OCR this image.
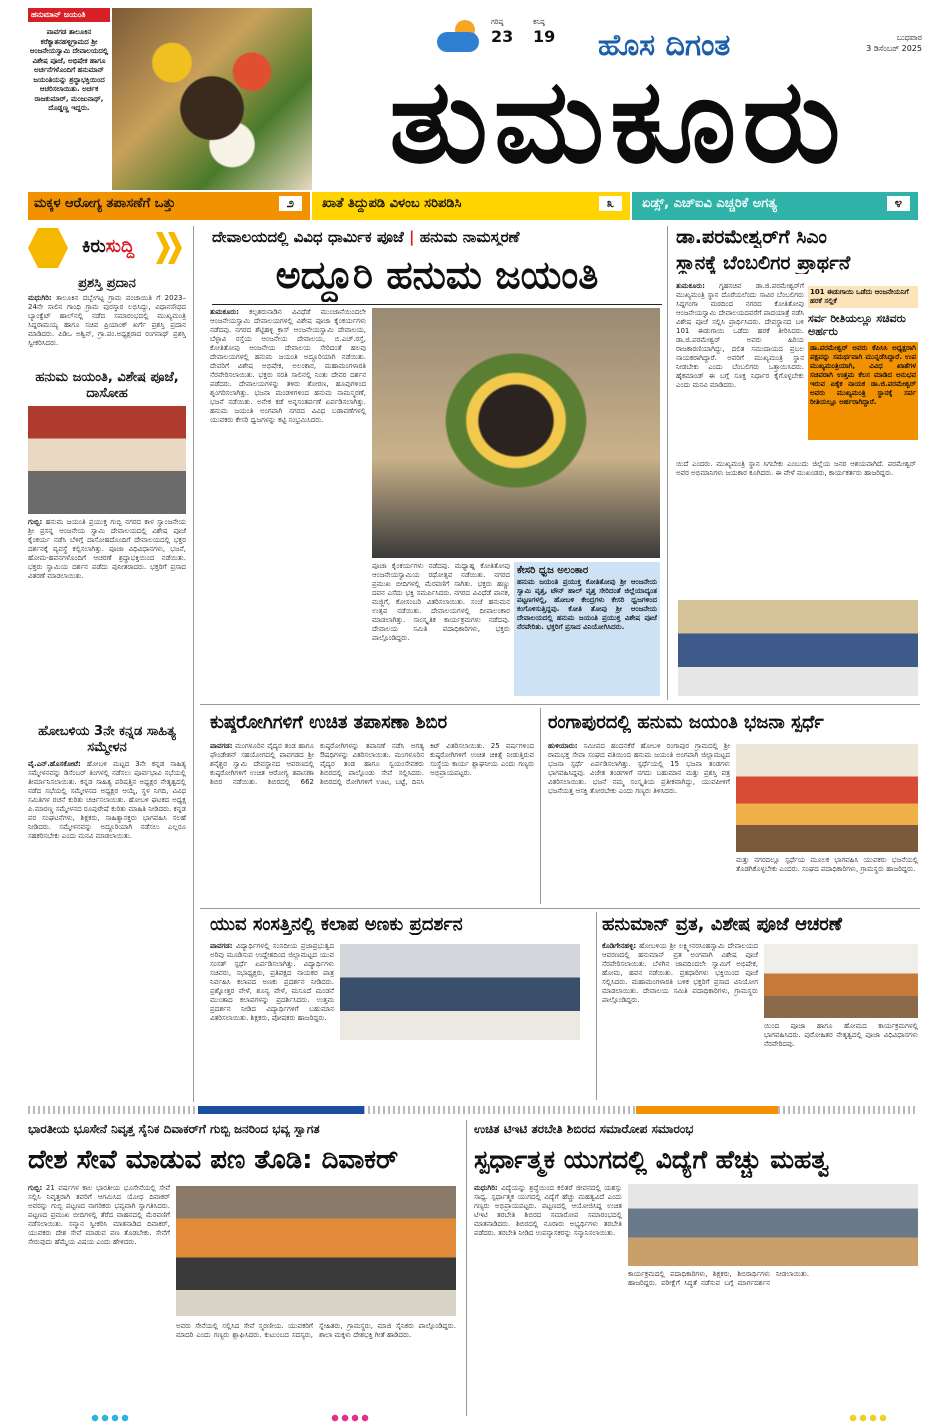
ಹನುಮಾನ್ ಜಯಂತಿ
ಪಾವಗಡ ತಾಲೂಕಿನ ಕರೆಕ್ಯಾತನಹಳ್ಳಿಗ್ರಾಮದ ಶ್ರೀ ಆಂಜನೇಯಸ್ವಾಮಿ ದೇವಾಲಯದಲ್ಲಿ ವಿಶೇಷ ಪೂಜೆ, ಅಭಿಷೇಕ ಹಾಗೂ ಅರ್ಚನೆಗಳೊಂದಿಗೆ ಹನುಮಾನ್ ಜಯಂತಿಯನ್ನು ಶ್ರದ್ಧಾಭಕ್ತಿಯಿಂದ ಆಚರಿಸಲಾಯಿತು. ಅರ್ಚಕ ರಾಜಕುಮಾರ್, ಮಂಜುನಾಥ್, ದೊಡ್ಡಣ್ಣ ಇದ್ದರು.
ಗರಿಷ್ಠ
23
ಕನಿಷ್ಠ
19 ಹೊಸ ದಿಗಂತ	ಬುಧವಾರ
3 ಡಿಸೆಂಬರ್ 2025
ತುಮಕೂರು
ಮಕ್ಕಳ ಆರೋಗ್ಯ ತಪಾಸಣೆಗೆ ಒತ್ತು	೨	ಖಾತೆ ತಿದ್ದುಪಡಿ ವಿಳಂಬ ಸರಿಪಡಿಸಿ	೩	ಏಡ್ಸ್, ಎಚ್ಐವಿ ಎಚ್ಚರಿಕೆ ಅಗತ್ಯ	೪
ಕಿರುಸುದ್ದಿ
ಪ್ರಶಸ್ತಿ ಪ್ರದಾನ
ಮಧುಗಿರಿ: ತಾಲೂಕಿನ ದಬ್ಬೇಗಟ್ಟ ಗ್ರಾಮ ಪಂಚಾಯಿತಿ ಗೆ 2023–24ನೇ ಸಾಲಿನ ಗಾಂಧಿ ಗ್ರಾಮ ಪುರಸ್ಕಾರ ಲಭಿಸಿದ್ದು, ವಿಧಾನಸೌಧದ ಬ್ಯಾಂಕ್ವೆಟ್ ಹಾಲ್‌ನಲ್ಲಿ ನಡೆದ ಸಮಾರಂಭದಲ್ಲಿ ಮುಖ್ಯಮಂತ್ರಿ ಸಿದ್ದರಾಮಯ್ಯ ಹಾಗೂ ಸಚಿವ ಪ್ರಿಯಾಂಕ್ ಖರ್ಗೆ ಪ್ರಶಸ್ತಿ ಪ್ರದಾನ ಮಾಡಿದರು. ಪಿಡಿಒ ಅಶ್ವಿನ್, ಗ್ರಾ.ಪಂ.ಅಧ್ಯಕ್ಷರಾದ ರಂಗನಾಥ್ ಪ್ರಶಸ್ತಿ ಸ್ವೀಕರಿಸಿದರು.
ಹನುಮ ಜಯಂತಿ, ವಿಶೇಷ ಪೂಜೆ, ದಾಸೋಹ
ಗುಬ್ಬಿ: ಹನುಮ ಜಯಂತಿ ಪ್ರಯುಕ್ತ ಗುಬ್ಬಿ ನಗರದ ಕಾಳ ಸ್ವಾಂಜನೇಯ ಶ್ರೀ ಪ್ರಸನ್ನ ಆಂಜನೇಯ ಸ್ವಾಮಿ ದೇವಾಲಯದಲ್ಲಿ ವಿಶೇಷ ಪೂಜೆ ಕೈಂಕರ್ಯ ನಡೆಸಿ ಬೆಳಿಗ್ಗೆ ದಾಸೋಹದೊಂದಿಗೆ ದೇವಾಲಯದಲ್ಲಿ ಭಕ್ತರ ದರ್ಶನಕ್ಕೆ ವ್ಯವಸ್ಥೆ ಕಲ್ಪಿಸಲಾಗಿತ್ತು. ಪೂಜಾ ವಿಧಿವಿಧಾನಗಳು, ಭಜನೆ, ಹೋಮ-ಹವನಗಳೊಂದಿಗೆ ಆಚರಣೆ ಶ್ರದ್ಧಾಭಕ್ತಿಯಿಂದ ನಡೆಯಿತು. ಭಕ್ತರು ಸ್ವಾಮಿಯ ದರ್ಶನ ಪಡೆದು ಪುನೀತರಾದರು. ಭಕ್ತರಿಗೆ ಪ್ರಸಾದ ವಿತರಣೆ ಮಾಡಲಾಯಿತು.
ಹೋಬಳಿಯ 3ನೇ ಕನ್ನಡ ಸಾಹಿತ್ಯ ಸಮ್ಮೇಳನ
ವೈ.ಎನ್.ಹೊಸಕೋಟೆ: ಹೋಬಳಿ ಮಟ್ಟದ 3ನೇ ಕನ್ನಡ ಸಾಹಿತ್ಯ ಸಮ್ಮೇಳನವನ್ನು ಡಿಸೆಂಬರ್ ತಿಂಗಳಲ್ಲಿ ನಡೆಸಲು ಪೂರ್ವಭಾವಿ ಸಭೆಯಲ್ಲಿ ತೀರ್ಮಾನಿಸಲಾಯಿತು. ಕನ್ನಡ ಸಾಹಿತ್ಯ ಪರಿಷತ್ತಿನ ಅಧ್ಯಕ್ಷರ ನೇತೃತ್ವದಲ್ಲಿ ನಡೆದ ಸಭೆಯಲ್ಲಿ ಸಮ್ಮೇಳನದ ಅಧ್ಯಕ್ಷರ ಆಯ್ಕೆ, ಸ್ಥಳ ನಿಗದಿ, ವಿವಿಧ ಸಮಿತಿಗಳ ರಚನೆ ಕುರಿತು ಚರ್ಚಿಸಲಾಯಿತು. ಹೋಬಳಿ ಘಟಕದ ಅಧ್ಯಕ್ಷ ಪಿ.ಮಾರಣ್ಣ ಸಮ್ಮೇಳನದ ರೂಪುರೇಷೆ ಕುರಿತು ಮಾಹಿತಿ ನೀಡಿದರು. ಕನ್ನಡ ಪರ ಸಂಘಟನೆಗಳು, ಶಿಕ್ಷಕರು, ಸಾಹಿತ್ಯಾಸಕ್ತರು ಭಾಗವಹಿಸಿ ಸಲಹೆ ನೀಡಿದರು. ಸಮ್ಮೇಳನವನ್ನು ಅದ್ದೂರಿಯಾಗಿ ನಡೆಸಲು ಎಲ್ಲರೂ ಸಹಕರಿಸಬೇಕು ಎಂದು ಮನವಿ ಮಾಡಲಾಯಿತು.
ದೇವಾಲಯದಲ್ಲಿ ವಿವಿಧ ಧಾರ್ಮಿಕ ಪೂಜೆ | ಹನುಮ ನಾಮಸ್ಮರಣೆ
ಅದ್ದೂರಿ ಹನುಮ ಜಯಂತಿ
ತುಮಕೂರು: ಕಲ್ಪತರುನಾಡಿನ ವಿವಿಧೆಡೆ ಮುಂಜಾನೆಯಿಂದಲೇ ಆಂಜನೇಯಸ್ವಾಮಿ ದೇವಾಲಯಗಳಲ್ಲಿ ವಿಶೇಷ ಪೂಜಾ ಕೈಂಕರ್ಯಗಳು ನಡೆದವು. ನಗರದ ಶೆಟ್ಟಿಹಳ್ಳಿ ಕ್ರಾಸ್ ಆಂಜನೇಯಸ್ವಾಮಿ ದೇವಾಲಯ, ಬೆಳ್ಳಾವಿ ರಸ್ತೆಯ ಆಂಜನೇಯ ದೇವಾಲಯ, ಬಿ.ಎಚ್.ರಸ್ತೆ, ಕೋತಿತೋಪು ಆಂಜನೇಯ ದೇವಾಲಯ ಸೇರಿದಂತೆ ಹಲವು ದೇವಾಲಯಗಳಲ್ಲಿ ಹನುಮ ಜಯಂತಿ ಅದ್ದೂರಿಯಾಗಿ ನಡೆಯಿತು. ದೇವರಿಗೆ ವಿಶೇಷ ಅಭಿಷೇಕ, ಅಲಂಕಾರ, ಮಹಾಮಂಗಳಾರತಿ ನೆರವೇರಿಸಲಾಯಿತು. ಭಕ್ತರು ಸರತಿ ಸಾಲಿನಲ್ಲಿ ನಿಂತು ದೇವರ ದರ್ಶನ ಪಡೆದರು. ದೇವಾಲಯಗಳನ್ನು ತಳಿರು ತೋರಣ, ಹೂವುಗಳಿಂದ ಶೃಂಗರಿಸಲಾಗಿತ್ತು. ಭಜನಾ ಮಂಡಳಿಗಳಿಂದ ಹನುಮ ನಾಮಸ್ಮರಣೆ, ಭಜನೆ ನಡೆಯಿತು. ಅನೇಕ ಕಡೆ ಅನ್ನಸಂತರ್ಪಣೆ ಏರ್ಪಡಿಸಲಾಗಿತ್ತು. ಹನುಮ ಜಯಂತಿ ಅಂಗವಾಗಿ ನಗರದ ವಿವಿಧ ಬಡಾವಣೆಗಳಲ್ಲಿ ಯುವಕರು ಕೇಸರಿ ಧ್ವಜಗಳನ್ನು ಕಟ್ಟಿ ಸಂಭ್ರಮಿಸಿದರು.
ಪೂಜಾ ಕೈಂಕರ್ಯಗಳು ನಡೆದವು. ಮಧ್ಯಾಹ್ನ ಕೋತಿತೋಪು ಆಂಜನೇಯಸ್ವಾಮಿಯ ರಥೋತ್ಸವ ನಡೆಯಿತು. ನಗರದ ಪ್ರಮುಖ ಬೀದಿಗಳಲ್ಲಿ ಮೆರವಣಿಗೆ ಸಾಗಿತು. ಭಕ್ತರು ಹಣ್ಣು ದವನ ಎಸೆದು ಭಕ್ತಿ ಸಮರ್ಪಿಸಿದರು. ನಗರದ ವಿವಿಧೆಡೆ ಪಾನಕ, ಮಜ್ಜಿಗೆ, ಕೋಸಂಬರಿ ವಿತರಿಸಲಾಯಿತು. ಸಂಜೆ ಹನುಮನ ಉತ್ಸವ ನಡೆಯಿತು. ದೇವಾಲಯಗಳಲ್ಲಿ ದೀಪಾಲಂಕಾರ ಮಾಡಲಾಗಿತ್ತು. ಸಾಂಸ್ಕೃತಿಕ ಕಾರ್ಯಕ್ರಮಗಳು ನಡೆದವು. ದೇವಾಲಯ ಸಮಿತಿ ಪದಾಧಿಕಾರಿಗಳು, ಭಕ್ತರು ಪಾಲ್ಗೊಂಡಿದ್ದರು.
ಕೇಸರಿ ಧ್ವಜ ಅಲಂಕಾರ
ಹನುಮ ಜಯಂತಿ ಪ್ರಯುಕ್ತ ಕೋತಿತೋಪು ಶ್ರೀ ಆಂಜನೇಯ ಸ್ವಾಮಿ ವೃತ್ತ, ಟೌನ್ ಹಾಲ್ ವೃತ್ತ ಸೇರಿದಂತೆ ಜಿಲ್ಲೆಯಾದ್ಯಂತ ಪಟ್ಟಣಗಳಲ್ಲಿ, ಹೋಬಳಿ ಕೇಂದ್ರಗಳು ಕೇಸರಿ ಧ್ವಜಗಳಿಂದ ಕಂಗೊಳಿಸುತ್ತಿದ್ದವು. ಕೋತಿ ತೋಪು ಶ್ರೀ ಆಂಜನೇಯ ದೇವಾಲಯದಲ್ಲಿ ಹನುಮ ಜಯಂತಿ ಪ್ರಯುಕ್ತ ವಿಶೇಷ ಪೂಜೆ ನೆರವೇರಿತು. ಭಕ್ತರಿಗೆ ಪ್ರಸಾದ ವಿನಿಯೋಗಿಸಿದರು.
ಡಾ.ಪರಮೇಶ್ವರ್‌ಗೆ ಸಿಎಂ
ಸ್ಥಾನಕ್ಕೆ ಬೆಂಬಲಿಗರ ಪ್ರಾರ್ಥನೆ
ತುಮಕೂರು: ಗೃಹಸಚಿವ ಡಾ.ಜಿ.ಪರಮೇಶ್ವರ್‌ಗೆ ಮುಖ್ಯಮಂತ್ರಿ ಸ್ಥಾನ ದೊರೆಯಲೆಂದು ಸಾವಿರ ಬೆಂಬಲಿಗರು ಸಿದ್ದಗಂಗಾ ಮಠದಿಂದ ನಗರದ ಕೋತಿತೋಪು ಆಂಜನೇಯಸ್ವಾಮಿ ದೇವಾಲಯದವರೆಗೆ ಪಾದಯಾತ್ರೆ ನಡೆಸಿ ವಿಶೇಷ ಪೂಜೆ ಸಲ್ಲಿಸಿ ಪ್ರಾರ್ಥಿಸಿದರು. ದೇವಸ್ಥಾನದ ಬಳಿ 101 ಈಡುಗಾಯಿ ಒಡೆದು ಹರಕೆ ತೀರಿಸಿದರು. ಡಾ.ಜಿ.ಪರಮೇಶ್ವರ್ ಅವರು ಹಿರಿಯ ರಾಜಕಾರಣಿಯಾಗಿದ್ದು, ದಲಿತ ಸಮುದಾಯದ ಪ್ರಬಲ ನಾಯಕರಾಗಿದ್ದಾರೆ. ಅವರಿಗೆ ಮುಖ್ಯಮಂತ್ರಿ ಸ್ಥಾನ ನೀಡಬೇಕು ಎಂದು ಬೆಂಬಲಿಗರು ಒತ್ತಾಯಿಸಿದರು. ಹೈಕಮಾಂಡ್ ಈ ಬಗ್ಗೆ ಸೂಕ್ತ ನಿರ್ಧಾರ ಕೈಗೊಳ್ಳಬೇಕು ಎಂದು ಮನವಿ ಮಾಡಿದರು.
101 ಈಡುಗಾಯಿ ಒಡೆದು ಆಂಜನೇಯನಿಗೆ ಹರಕೆ ಸಲ್ಲಿಕೆ
ಸರ್ವ ರೀತಿಯಲ್ಲೂ ಸಚಿವರು ಅರ್ಹರು
ಡಾ.ಪರಮೇಶ್ವರ್ ಅವರು ಕೆಪಿಸಿಸಿ ಅಧ್ಯಕ್ಷರಾಗಿ ಪಕ್ಷವನ್ನು ಸಮರ್ಥವಾಗಿ ಮುನ್ನಡೆಸಿದ್ದಾರೆ. ಉಪ ಮುಖ್ಯಮಂತ್ರಿಯಾಗಿ, ವಿವಿಧ ಖಾತೆಗಳ ಸಚಿವರಾಗಿ ಉತ್ತಮ ಕೆಲಸ ಮಾಡಿದ ಅನುಭವ ಇರುವ ಏಕೈಕ ನಾಯಕ ಡಾ.ಜಿ.ಪರಮೇಶ್ವರ್ ಅವರು ಮುಖ್ಯಮಂತ್ರಿ ಸ್ಥಾನಕ್ಕೆ ಸರ್ವ ರೀತಿಯಲ್ಲೂ ಅರ್ಹರಾಗಿದ್ದಾರೆ.
ಯಿದೆ ಎಂದರು. ಮುಖ್ಯಮಂತ್ರಿ ಸ್ಥಾನ ಸಿಗಬೇಕು ಎಂಬುದು ಜಿಲ್ಲೆಯ ಜನರ ಆಶಯವಾಗಿದೆ. ಪರಮೇಶ್ವರ್ ಅವರ ಅಭಿಮಾನಿಗಳು ಜಯಕಾರ ಕೂಗಿದರು. ಈ ವೇಳೆ ಮುಖಂಡರು, ಕಾರ್ಯಕರ್ತರು ಹಾಜರಿದ್ದರು.
ಕುಷ್ಠರೋಗಿಗಳಿಗೆ ಉಚಿತ ತಪಾಸಣಾ ಶಿಬಿರ
ಪಾವಗಡ: ಮಂಗಳೂರಿನ ವೈದ್ಯರ ತಂಡ ಹಾಗೂ ಫೌಂಡೇಶನ್ ಸಹಯೋಗದಲ್ಲಿ ಪಾವಗಡದ ಶ್ರೀ ಶನೈಶ್ಚರ ಸ್ವಾಮಿ ದೇವಸ್ಥಾನದ ಆವರಣದಲ್ಲಿ ಕುಷ್ಠರೋಗಿಗಳಿಗೆ ಉಚಿತ ಆರೋಗ್ಯ ತಪಾಸಣಾ ಶಿಬಿರ ನಡೆಯಿತು. ಶಿಬಿರದಲ್ಲಿ 662 ಕುಷ್ಠರೋಗಿಗಳನ್ನು ತಪಾಸಣೆ ನಡೆಸಿ ಅಗತ್ಯ ಔಷಧಿಗಳನ್ನು ವಿತರಿಸಲಾಯಿತು. ಮಂಗಳೂರಿನ ವೈದ್ಯರ ತಂಡ ಹಾಗೂ ಸ್ವಯಂಸೇವಕರು ಶಿಬಿರದಲ್ಲಿ ಪಾಲ್ಗೊಂಡು ಸೇವೆ ಸಲ್ಲಿಸಿದರು. ಶಿಬಿರದಲ್ಲಿ ರೋಗಿಗಳಿಗೆ ಊಟ, ಬಟ್ಟೆ, ದಿನಸಿ ಕಿಟ್ ವಿತರಿಸಲಾಯಿತು. 25 ವರ್ಷಗಳಿಂದ ಕುಷ್ಠರೋಗಿಗಳಿಗೆ ಉಚಿತ ಚಿಕಿತ್ಸೆ ನೀಡುತ್ತಿರುವ ಸಂಸ್ಥೆಯ ಕಾರ್ಯ ಶ್ಲಾಘನೀಯ ಎಂದು ಗಣ್ಯರು ಅಭಿಪ್ರಾಯಪಟ್ಟರು.
ರಂಗಾಪುರದಲ್ಲಿ ಹನುಮ ಜಯಂತಿ ಭಜನಾ ಸ್ಪರ್ಧೆ
ಹುಳಿಯಾರು: ಸಮೀಪದ ಹಂದನಕೆರೆ ಹೋಬಳಿ ರಂಗಾಪುರ ಗ್ರಾಮದಲ್ಲಿ ಶ್ರೀ ರಾಮಭಕ್ತ ಸೇವಾ ಸಂಘದ ವತಿಯಿಂದ ಹನುಮ ಜಯಂತಿ ಅಂಗವಾಗಿ ಜಿಲ್ಲಾಮಟ್ಟದ ಭಜನಾ ಸ್ಪರ್ಧೆ ಏರ್ಪಡಿಸಲಾಗಿತ್ತು. ಸ್ಪರ್ಧೆಯಲ್ಲಿ 15 ಭಜನಾ ತಂಡಗಳು ಭಾಗವಹಿಸಿದ್ದವು. ವಿಜೇತ ತಂಡಗಳಿಗೆ ನಗದು ಬಹುಮಾನ ಮತ್ತು ಪ್ರಶಸ್ತಿ ಪತ್ರ ವಿತರಿಸಲಾಯಿತು. ಭಜನೆ ನಮ್ಮ ಸಂಸ್ಕೃತಿಯ ಪ್ರತೀಕವಾಗಿದ್ದು, ಯುವಪೀಳಿಗೆ ಭಜನೆಯತ್ತ ಆಸಕ್ತಿ ತೋರಬೇಕು ಎಂದು ಗಣ್ಯರು ತಿಳಿಸಿದರು.
ಮತ್ತು ನಗರದಲ್ಲೂ ಸ್ಪರ್ಧೆಯ ಮೂಲಕ ಭಾಗವಹಿಸಿ ಯುವಕರು ಭಜನೆಯಲ್ಲಿ ತೊಡಗಿಕೊಳ್ಳಬೇಕು ಎಂದರು. ಸಂಘದ ಪದಾಧಿಕಾರಿಗಳು, ಗ್ರಾಮಸ್ಥರು ಹಾಜರಿದ್ದರು.
ಯುವ ಸಂಸತ್ತಿನಲ್ಲಿ ಕಲಾಪ ಅಣಕು ಪ್ರದರ್ಶನ
ಪಾವಗಡ: ವಿದ್ಯಾರ್ಥಿಗಳಲ್ಲಿ ಸಂಸದೀಯ ಪ್ರಜಾಪ್ರಭುತ್ವದ ಅರಿವು ಮೂಡಿಸುವ ಉದ್ದೇಶದಿಂದ ಜಿಲ್ಲಾಮಟ್ಟದ ಯುವ ಸಂಸತ್ ಸ್ಪರ್ಧೆ ಏರ್ಪಡಿಸಲಾಗಿತ್ತು. ವಿದ್ಯಾರ್ಥಿಗಳು ಸಚಿವರು, ಸಭಾಧ್ಯಕ್ಷರು, ಪ್ರತಿಪಕ್ಷದ ನಾಯಕರ ಪಾತ್ರ ನಿರ್ವಹಿಸಿ ಕಲಾಪದ ಅಣಕು ಪ್ರದರ್ಶನ ನೀಡಿದರು. ಪ್ರಶ್ನೋತ್ತರ ವೇಳೆ, ಶೂನ್ಯ ವೇಳೆ, ಮಸೂದೆ ಮಂಡನೆ ಮುಂತಾದ ಕಲಾಪಗಳನ್ನು ಪ್ರದರ್ಶಿಸಿದರು. ಉತ್ತಮ ಪ್ರದರ್ಶನ ನೀಡಿದ ವಿದ್ಯಾರ್ಥಿಗಳಿಗೆ ಬಹುಮಾನ ವಿತರಿಸಲಾಯಿತು. ಶಿಕ್ಷಕರು, ಪೋಷಕರು ಹಾಜರಿದ್ದರು.
ಹನುಮಾನ್ ವ್ರತ, ವಿಶೇಷ ಪೂಜೆ ಆಚರಣೆ
ಕೊಡಿಗೇನಹಳ್ಳಿ: ಹೋಬಳಿಯ ಶ್ರೀ ಲಕ್ಷ್ಮೀನರಸಿಂಹಸ್ವಾಮಿ ದೇವಾಲಯದ ಆವರಣದಲ್ಲಿ ಹನುಮಾನ್ ವ್ರತ ಅಂಗವಾಗಿ ವಿಶೇಷ ಪೂಜೆ ನೆರವೇರಿಸಲಾಯಿತು. ಬೆಳಗಿನ ಜಾವದಿಂದಲೇ ಸ್ವಾಮಿಗೆ ಅಭಿಷೇಕ, ಹೋಮ, ಹವನ ನಡೆಯಿತು. ವ್ರತಧಾರಿಗಳು ಭಕ್ತಿಯಿಂದ ಪೂಜೆ ಸಲ್ಲಿಸಿದರು. ಮಹಾಮಂಗಳಾರತಿ ಬಳಿಕ ಭಕ್ತರಿಗೆ ಪ್ರಸಾದ ವಿನಿಯೋಗ ಮಾಡಲಾಯಿತು. ದೇವಾಲಯ ಸಮಿತಿ ಪದಾಧಿಕಾರಿಗಳು, ಗ್ರಾಮಸ್ಥರು ಪಾಲ್ಗೊಂಡಿದ್ದರು.
ಯಿಂದ ಪೂಜಾ ಹಾಗೂ ಹೋಮದ ಕಾರ್ಯಕ್ರಮಗಳಲ್ಲಿ ಭಾಗವಹಿಸಿದರು. ಪುರೋಹಿತರ ನೇತೃತ್ವದಲ್ಲಿ ಪೂಜಾ ವಿಧಿವಿಧಾನಗಳು ನೆರವೇರಿದವು.
ಭಾರತೀಯ ಭೂಸೇನೆ ನಿವೃತ್ತ ಸೈನಿಕ ದಿವಾಕರ್‌ಗೆ ಗುಬ್ಬಿ ಜನರಿಂದ ಭವ್ಯ ಸ್ವಾಗತ
ದೇಶ ಸೇವೆ ಮಾಡುವ ಪಣ ತೊಡಿ: ದಿವಾಕರ್
ಗುಬ್ಬಿ: 21 ವರ್ಷಗಳ ಕಾಲ ಭಾರತೀಯ ಭೂಸೇನೆಯಲ್ಲಿ ಸೇವೆ ಸಲ್ಲಿಸಿ ನಿವೃತ್ತರಾಗಿ ತವರಿಗೆ ಆಗಮಿಸಿದ ಯೋಧ ದಿವಾಕರ್ ಅವರನ್ನು ಗುಬ್ಬಿ ಪಟ್ಟಣದ ನಾಗರಿಕರು ಭವ್ಯವಾಗಿ ಸ್ವಾಗತಿಸಿದರು. ಪಟ್ಟಣದ ಪ್ರಮುಖ ಬೀದಿಗಳಲ್ಲಿ ತೆರೆದ ವಾಹನದಲ್ಲಿ ಮೆರವಣಿಗೆ ನಡೆಸಲಾಯಿತು. ಸನ್ಮಾನ ಸ್ವೀಕರಿಸಿ ಮಾತನಾಡಿದ ದಿವಾಕರ್, ಯುವಕರು ದೇಶ ಸೇವೆ ಮಾಡುವ ಪಣ ತೊಡಬೇಕು. ಸೇನೆಗೆ ಸೇರುವುದು ಹೆಮ್ಮೆಯ ವಿಷಯ ಎಂದು ಹೇಳಿದರು.
ಅವರು ಸೇನೆಯಲ್ಲಿ ಸಲ್ಲಿಸಿದ ಸೇವೆ ಸ್ಮರಣೀಯ. ಯುವಕರಿಗೆ ಮಾದರಿ ಎಂದು ಗಣ್ಯರು ಶ್ಲಾಘಿಸಿದರು. ಕುಟುಂಬದ ಸದಸ್ಯರು, ಸ್ನೇಹಿತರು, ಗ್ರಾಮಸ್ಥರು, ಮಾಜಿ ಸೈನಿಕರು ಪಾಲ್ಗೊಂಡಿದ್ದರು. ಶಾಲಾ ಮಕ್ಕಳು ದೇಶಭಕ್ತಿ ಗೀತೆ ಹಾಡಿದರು.
ಉಚಿತ ಟಿಇಟಿ ತರಬೇತಿ ಶಿಬಿರದ ಸಮಾರೋಪ ಸಮಾರಂಭ
ಸ್ಪರ್ಧಾತ್ಮಕ ಯುಗದಲ್ಲಿ ವಿದ್ಯೆಗೆ ಹೆಚ್ಚು ಮಹತ್ವ
ಮಧುಗಿರಿ: ವಿದ್ಯೆಯನ್ನು ಶ್ರದ್ಧೆಯಿಂದ ಕಲಿತರೆ ಜೀವನದಲ್ಲಿ ಯಶಸ್ಸು ಸಾಧ್ಯ. ಸ್ಪರ್ಧಾತ್ಮಕ ಯುಗದಲ್ಲಿ ವಿದ್ಯೆಗೆ ಹೆಚ್ಚು ಮಹತ್ವವಿದೆ ಎಂದು ಗಣ್ಯರು ಅಭಿಪ್ರಾಯಪಟ್ಟರು. ಪಟ್ಟಣದಲ್ಲಿ ಆಯೋಜಿಸಿದ್ದ ಉಚಿತ ಟಿಇಟಿ ತರಬೇತಿ ಶಿಬಿರದ ಸಮಾರೋಪ ಸಮಾರಂಭದಲ್ಲಿ ಮಾತನಾಡಿದರು. ಶಿಬಿರದಲ್ಲಿ ನೂರಾರು ಅಭ್ಯರ್ಥಿಗಳು ತರಬೇತಿ ಪಡೆದರು. ತರಬೇತಿ ನೀಡಿದ ಉಪನ್ಯಾಸಕರನ್ನು ಸನ್ಮಾನಿಸಲಾಯಿತು.
ಕಾರ್ಯಕ್ರಮದಲ್ಲಿ ಪದಾಧಿಕಾರಿಗಳು, ಶಿಕ್ಷಕರು, ಶಿಬಿರಾರ್ಥಿಗಳು ಹಾಜರಿದ್ದರು. ಪರೀಕ್ಷೆಗೆ ಸಿದ್ಧತೆ ನಡೆಸುವ ಬಗ್ಗೆ ಮಾರ್ಗದರ್ಶನ ನೀಡಲಾಯಿತು.
